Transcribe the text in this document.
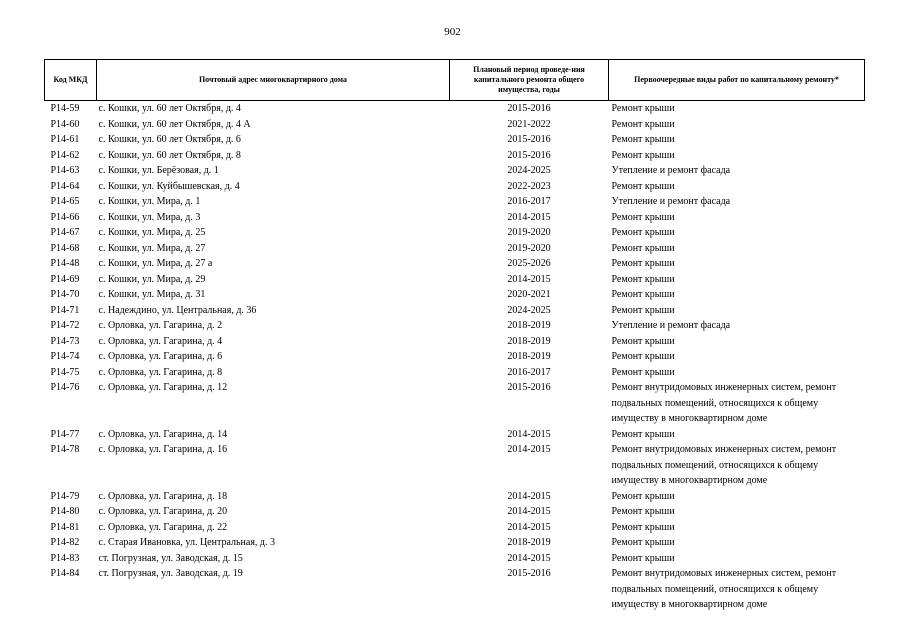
902
Код МКД	Почтовый адрес многоквартирного дома	Плановый период проведе-ния капитального ремонта общего имущества, годы	Первоочередные виды работ по капитальному ремонту*
Р14-59	с. Кошки, ул. 60 лет Октября, д. 4	2015-2016	Ремонт крыши
Р14-60	с. Кошки, ул. 60 лет Октября, д. 4 А	2021-2022	Ремонт крыши
Р14-61	с. Кошки, ул. 60 лет Октября, д. 6	2015-2016	Ремонт крыши
Р14-62	с. Кошки, ул. 60 лет Октября, д. 8	2015-2016	Ремонт крыши
Р14-63	с. Кошки, ул. Берёзовая, д. 1	2024-2025	Утепление и ремонт фасада
Р14-64	с. Кошки, ул. Куйбышевская, д. 4	2022-2023	Ремонт крыши
Р14-65	с. Кошки, ул. Мира, д. 1	2016-2017	Утепление и ремонт фасада
Р14-66	с. Кошки, ул. Мира, д. 3	2014-2015	Ремонт крыши
Р14-67	с. Кошки, ул. Мира, д. 25	2019-2020	Ремонт крыши
Р14-68	с. Кошки, ул. Мира, д. 27	2019-2020	Ремонт крыши
Р14-48	с. Кошки, ул. Мира, д. 27 а	2025-2026	Ремонт крыши
Р14-69	с. Кошки, ул. Мира, д. 29	2014-2015	Ремонт крыши
Р14-70	с. Кошки, ул. Мира, д. 31	2020-2021	Ремонт крыши
Р14-71	с. Надеждино, ул. Центральная, д. 36	2024-2025	Ремонт крыши
Р14-72	с. Орловка, ул. Гагарина, д. 2	2018-2019	Утепление и ремонт фасада
Р14-73	с. Орловка, ул. Гагарина, д. 4	2018-2019	Ремонт крыши
Р14-74	с. Орловка, ул. Гагарина, д. 6	2018-2019	Ремонт крыши
Р14-75	с. Орловка, ул. Гагарина, д. 8	2016-2017	Ремонт крыши
Р14-76	с. Орловка, ул. Гагарина, д. 12	2015-2016	Ремонт внутридомовых инженерных систем, ремонт подвальных помещений, относящихся к общему имуществу в многоквартирном доме
Р14-77	с. Орловка, ул. Гагарина, д. 14	2014-2015	Ремонт крыши
Р14-78	с. Орловка, ул. Гагарина, д. 16	2014-2015	Ремонт внутридомовых инженерных систем, ремонт подвальных помещений, относящихся к общему имуществу в многоквартирном доме
Р14-79	с. Орловка, ул. Гагарина, д. 18	2014-2015	Ремонт крыши
Р14-80	с. Орловка, ул. Гагарина, д. 20	2014-2015	Ремонт крыши
Р14-81	с. Орловка, ул. Гагарина, д. 22	2014-2015	Ремонт крыши
Р14-82	с. Старая Ивановка, ул. Центральная, д. 3	2018-2019	Ремонт крыши
Р14-83	ст. Погрузная, ул. Заводская, д. 15	2014-2015	Ремонт крыши
Р14-84	ст. Погрузная, ул. Заводская, д. 19	2015-2016	Ремонт внутридомовых инженерных систем, ремонт подвальных помещений, относящихся к общему имуществу в многоквартирном доме
